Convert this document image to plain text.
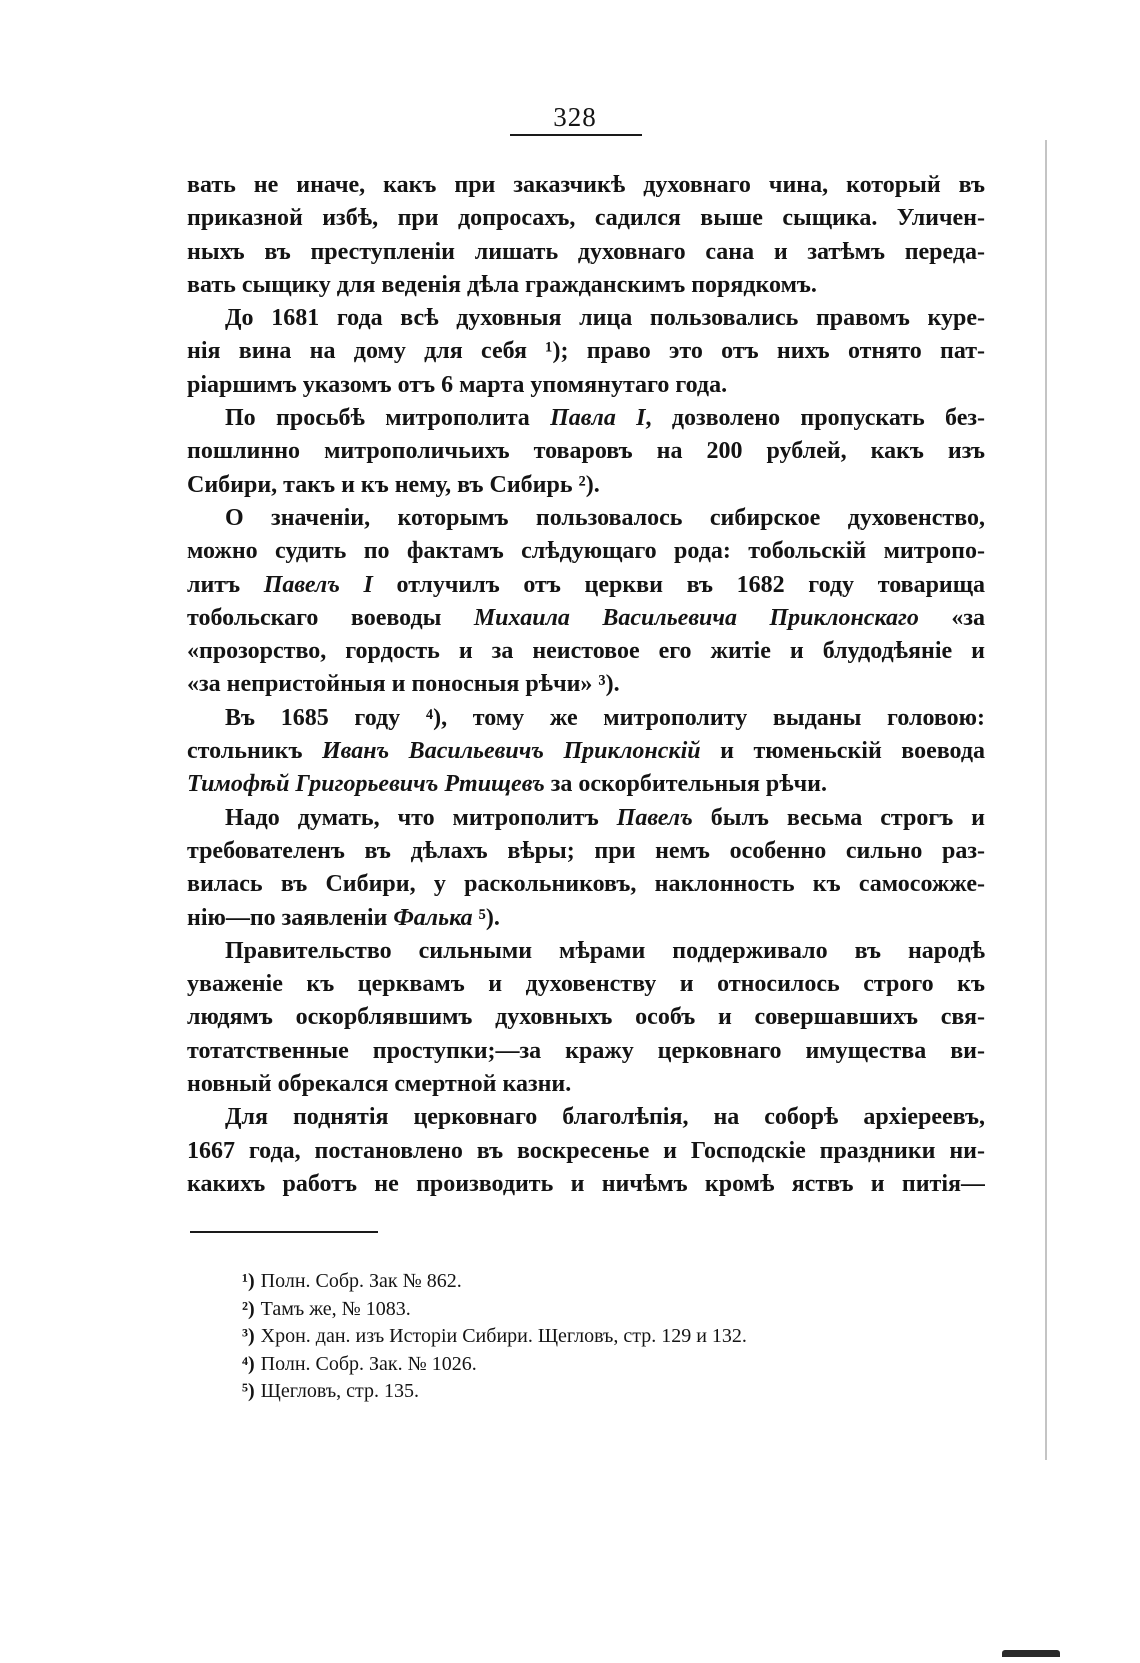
328
вать не иначе, какъ при заказчикѣ духовнаго чина, который въ
приказной избѣ, при допросахъ, садился выше сыщика. Уличен-
ныхъ въ преступленіи лишать духовнаго сана и затѣмъ переда-
вать сыщику для веденія дѣла гражданскимъ порядкомъ.
До 1681 года всѣ духовныя лица пользовались правомъ куре-
нія вина на дому для себя ¹); право это отъ нихъ отнято пат-
ріаршимъ указомъ отъ 6 марта упомянутаго года.
По просьбѣ митрополита Павла I, дозволено пропускать без-
пошлинно митрополичьихъ товаровъ на 200 рублей, какъ изъ
Сибири, такъ и къ нему, въ Сибирь ²).
О значеніи, которымъ пользовалось сибирское духовенство,
можно судить по фактамъ слѣдующаго рода: тобольскій митропо-
литъ Павелъ I отлучилъ отъ церкви въ 1682 году товарища
тобольскаго воеводы Михаила Васильевича Приклонскаго «за
«прозорство, гордость и за неистовое его житіе и блудодѣяніе и
«за непристойныя и поносныя рѣчи» ³).
Въ 1685 году ⁴), тому же митрополиту выданы головою:
стольникъ Иванъ Васильевичъ Приклонскій и тюменьскій воевода
Тимофѣй Григорьевичъ Ртищевъ за оскорбительныя рѣчи.
Надо думать, что митрополитъ Павелъ былъ весьма строгъ и
требователенъ въ дѣлахъ вѣры; при немъ особенно сильно раз-
вилась въ Сибири, у раскольниковъ, наклонность къ самосожже-
нію—по заявленіи Фалька ⁵).
Правительство сильными мѣрами поддерживало въ народѣ
уваженіе къ церквамъ и духовенству и относилось строго къ
людямъ оскорблявшимъ духовныхъ особъ и совершавшихъ свя-
тотатственные проступки;—за кражу церковнаго имущества ви-
новный обрекался смертной казни.
Для поднятія церковнаго благолѣпія, на соборѣ архіереевъ,
1667 года, постановлено въ воскресенье и Господскіе праздники ни-
какихъ работъ не производить и ничѣмъ кромѣ яствъ и питія—
¹) Полн. Собр. Зак № 862.
²) Тамъ же, № 1083.
³) Хрон. дан. изъ Исторіи Сибири. Щегловъ, стр. 129 и 132.
⁴) Полн. Собр. Зак. № 1026.
⁵) Щегловъ, стр. 135.
